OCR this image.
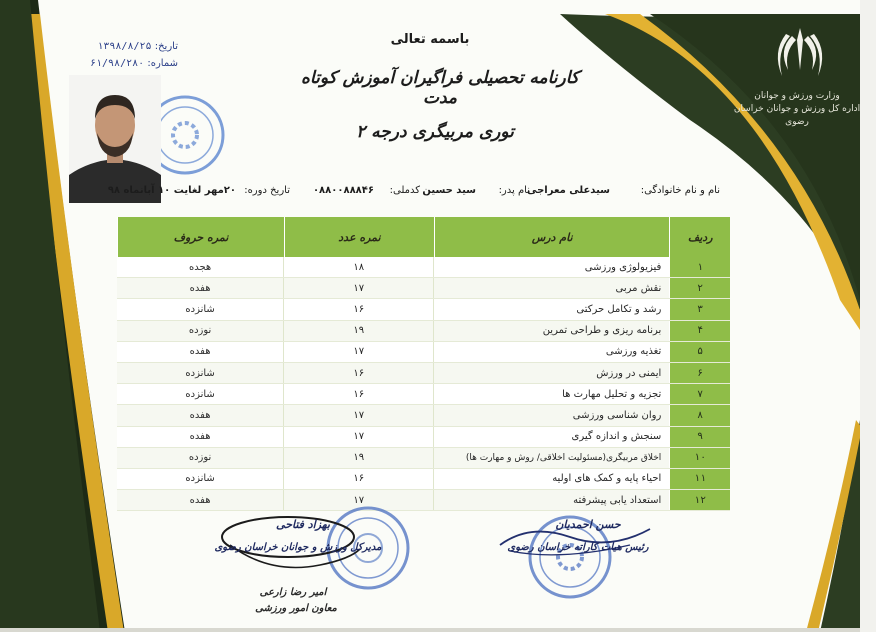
وزارت ورزش و جوانان
اداره کل ورزش و جوانان خراسان رضوی
تاریخ: ۱۳۹۸/۸/۲۵
شماره: ۶۱/۹۸/۲۸۰
باسمه تعالی
کارنامه تحصیلی فراگیران آموزش کوتاه مدت
توری مربیگری درجه ۲
نام و نام خانوادگی:
سیدعلی معراجی
نام پدر:
سید حسین
کدملی:
۰۸۸۰۰۸۸۸۴۶
تاریخ دوره:
۲۰مهر لغایت ۱۰ آبانماه ۹۸
ردیف
نام درس
نمره عدد
نمره حروف
۱
فیزیولوژی ورزشی
۱۸
هجده
۲
نقش مربی
۱۷
هفده
۳
رشد و تکامل حرکتی
۱۶
شانزده
۴
برنامه ریزی و طراحی تمرین
۱۹
نوزده
۵
تغذیه ورزشی
۱۷
هفده
۶
ایمنی در ورزش
۱۶
شانزده
۷
تجزیه و تحلیل مهارت ها
۱۶
شانزده
۸
روان شناسی ورزشی
۱۷
هفده
۹
سنجش و اندازه گیری
۱۷
هفده
۱۰
اخلاق مربیگری(مسئولیت اخلاقی/ روش و مهارت ها)
۱۹
نوزده
۱۱
احیاء پایه و کمک های اولیه
۱۶
شانزده
۱۲
استعداد یابی پیشرفته
۱۷
هفده
حسن احمدیان
رئیس هیات کاراته خراسان رضوی
بهزاد فتاحی
مدیرکل ورزش و جوانان خراسان رضوی
امیر رضا زارعی
معاون امور ورزشی
